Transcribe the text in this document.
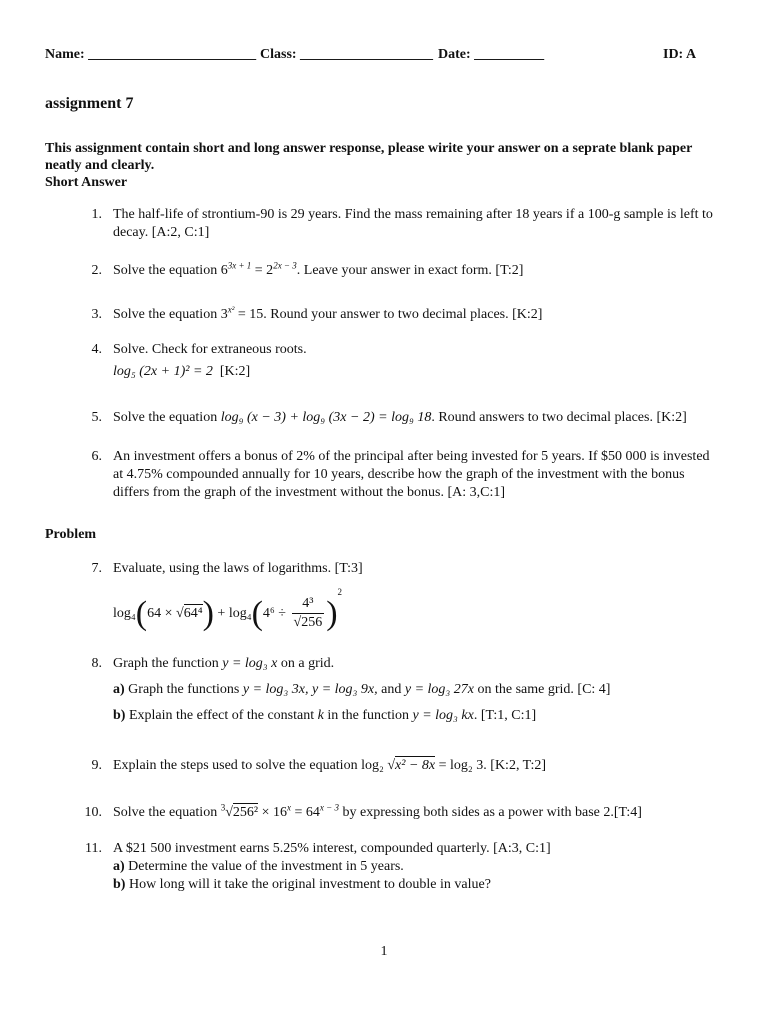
Name: ________________________ Class: ___________________ Date: __________	ID: A
assignment 7
This assignment contain short and long answer response, please wirite your answer on a seprate blank paper neatly and clearly.
Short Answer
1. The half-life of strontium-90 is 29 years. Find the mass remaining after 18 years if a 100-g sample is left to decay. [A:2, C:1]
2. Solve the equation $6^{3x + 1} = 2^{2x - 3}$. Leave your answer in exact form. [T:2]
3. Solve the equation $3^{x^2} = 15$. Round your answer to two decimal places. [K:2]
4. Solve. Check for extraneous roots.
log₅ (2x + 1)² = 2 [K:2]
5. Solve the equation log₉ (x − 3) + log₉ (3x − 2) = log₉ 18. Round answers to two decimal places. [K:2]
6. An investment offers a bonus of 2% of the principal after being invested for 5 years. If $50 000 is invested at 4.75% compounded annually for 10 years, describe how the graph of the investment with the bonus differs from the graph of the investment without the bonus. [A: 3,C:1]
Problem
7. Evaluate, using the laws of logarithms. [T:3]
$\log_4(64 \times √64^4) + \log_4(4^6 \div \frac{\text{4³}}{√256} )^2$
8. Graph the function y = log₃ x on a grid.
a) Graph the functions y = log₃ 3x, y = log₃ 9x, and y = log₃ 27x on the same grid. [C: 4]
b) Explain the effect of the constant k in the function y = log₃ kx. [T:1, C:1]
9. Explain the steps used to solve the equation log₂ √x² − 8x = log₂ 3. [K:2, T:2]
10. Solve the equation $^3√256^2 \times 16^x = 64^{x - 3}$ by expressing both sides as a power with base 2.[T:4]
11. A $21 500 investment earns 5.25% interest, compounded quarterly. [A:3, C:1]
a) Determine the value of the investment in 5 years.
b) How long will it take the original investment to double in value?
1
